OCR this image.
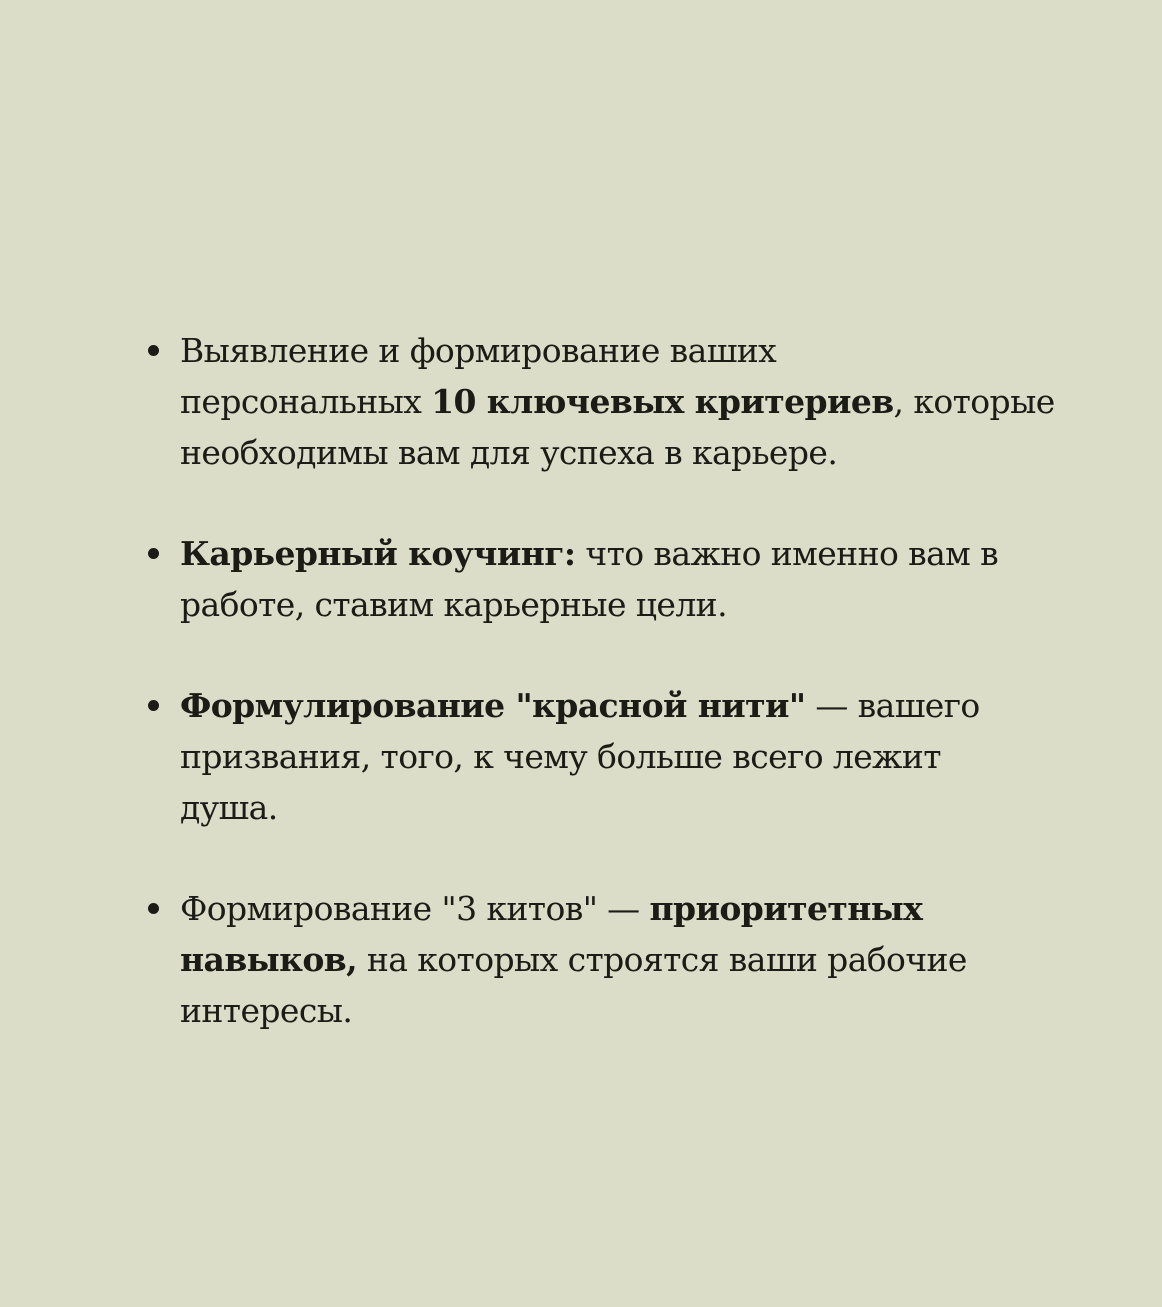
Выявление и формирование ваших
персональных 10 ключевых критериев, которые
необходимы вам для успеха в карьере.
Карьерный коучинг: что важно именно вам в
работе, ставим карьерные цели.
Формулирование "красной нити" — вашего
призвания, того, к чему больше всего лежит
душа.
Формирование "3 китов" — приоритетных
навыков, на которых строятся ваши рабочие
интересы.
